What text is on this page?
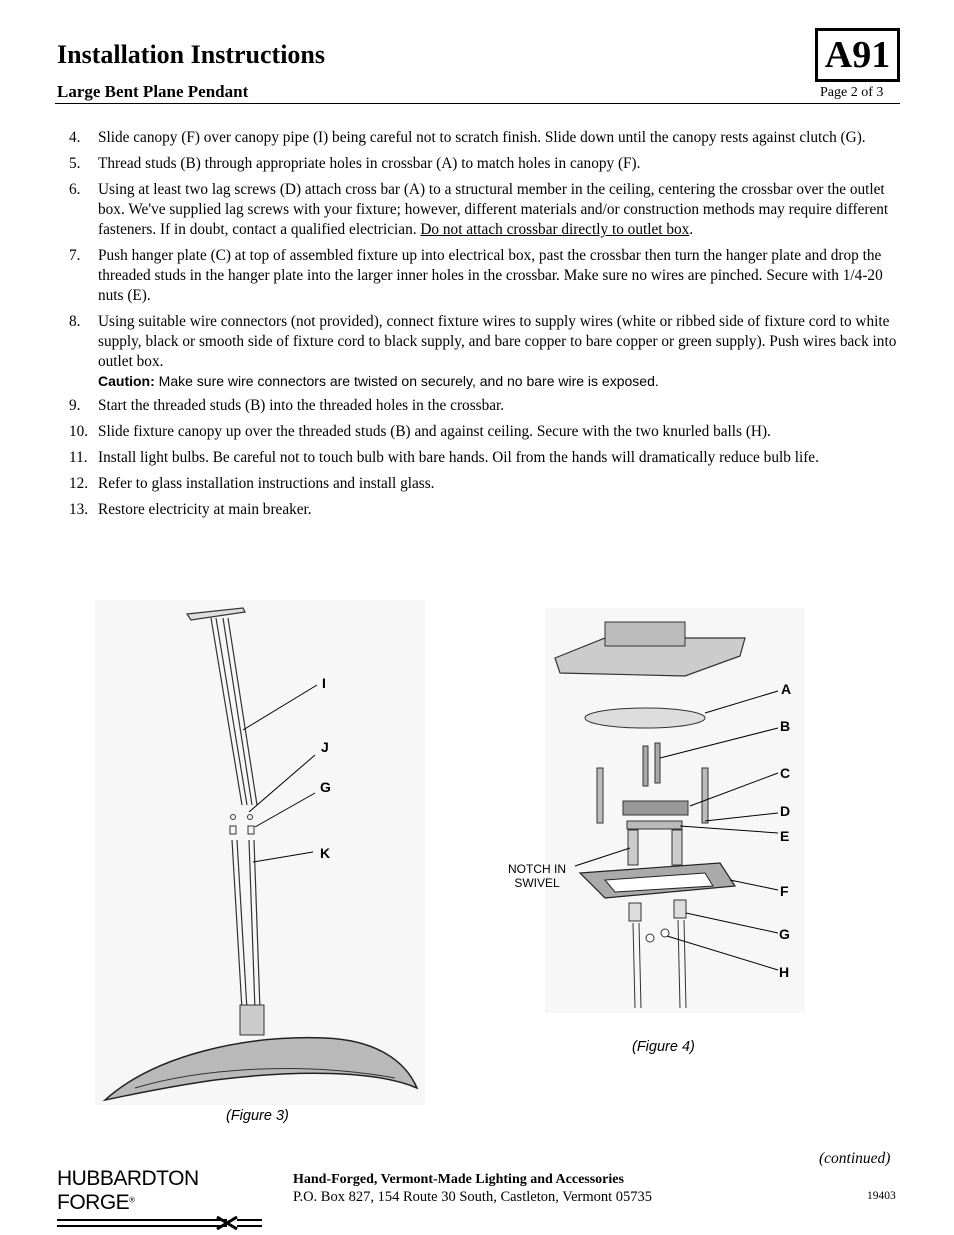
Installation Instructions	A91
Large Bent Plane Pendant	Page 2 of 3
4. Slide canopy (F) over canopy pipe (I) being careful not to scratch finish. Slide down until the canopy rests against clutch (G).
5. Thread studs (B) through appropriate holes in crossbar (A) to match holes in canopy (F).
6. Using at least two lag screws (D) attach cross bar (A) to a structural member in the ceiling, centering the crossbar over the outlet box. We've supplied lag screws with your fixture; however, different materials and/or construction methods may require different fasteners. If in doubt, contact a qualified electrician. Do not attach crossbar directly to outlet box.
7. Push hanger plate (C) at top of assembled fixture up into electrical box, past the crossbar then turn the hanger plate and drop the threaded studs in the hanger plate into the larger inner holes in the crossbar. Make sure no wires are pinched. Secure with 1/4-20 nuts (E).
8. Using suitable wire connectors (not provided), connect fixture wires to supply wires (white or ribbed side of fixture cord to white supply, black or smooth side of fixture cord to black supply, and bare copper to bare copper or green supply). Push wires back into outlet box.
Caution: Make sure wire connectors are twisted on securely, and no bare wire is exposed.
9. Start the threaded studs (B) into the threaded holes in the crossbar.
10. Slide fixture canopy up over the threaded studs (B) and against ceiling. Secure with the two knurled balls (H).
11. Install light bulbs. Be careful not to touch bulb with bare hands. Oil from the hands will dramatically reduce bulb life.
12. Refer to glass installation instructions and install glass.
13. Restore electricity at main breaker.
I
J
G
K
(Figure 3)
A
B
C
D
E
F
G
H
NOTCH IN
SWIVEL
(Figure 4)
(continued)
HUBBARDTON FORGE®
Hand-Forged, Vermont-Made Lighting and Accessories
P.O. Box 827, 154 Route 30 South, Castleton, Vermont 05735	19403
